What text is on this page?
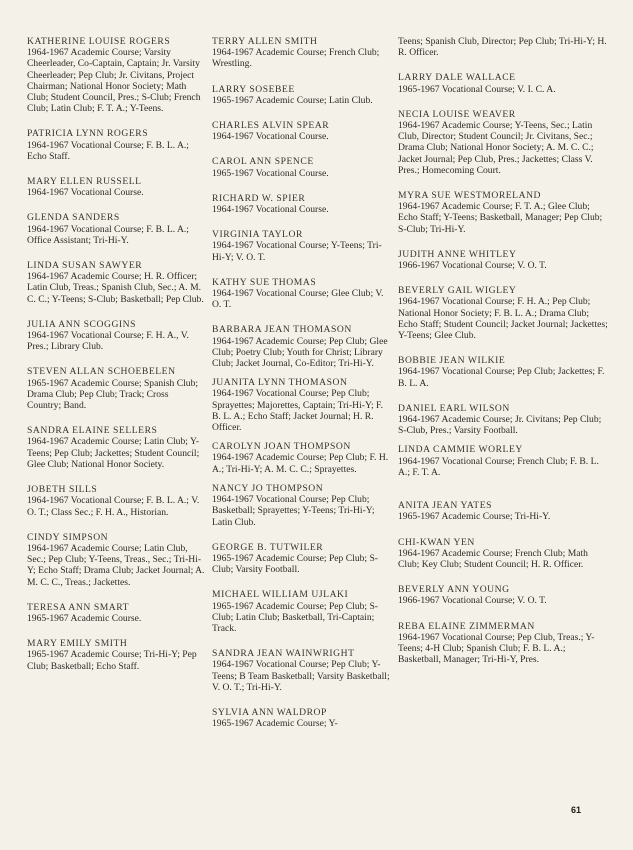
KATHERINE LOUISE ROGERS
1964-1967 Academic Course; Varsity Cheerleader, Co-Captain, Captain; Jr. Varsity Cheerleader; Pep Club; Jr. Civitans, Project Chairman; National Honor Society; Math Club; Student Council, Pres.; S-Club; French Club; Latin Club; F. T. A.; Y-Teens.
PATRICIA LYNN ROGERS
1964-1967 Vocational Course; F. B. L. A.; Echo Staff.
MARY ELLEN RUSSELL
1964-1967 Vocational Course.
GLENDA SANDERS
1964-1967 Vocational Course; F. B. L. A.; Office Assistant; Tri-Hi-Y.
LINDA SUSAN SAWYER
1964-1967 Academic Course; H. R. Officer; Latin Club, Treas.; Spanish Club, Sec.; A. M. C. C.; Y-Teens; S-Club; Basketball; Pep Club.
JULIA ANN SCOGGINS
1964-1967 Vocational Course; F. H. A., V. Pres.; Library Club.
STEVEN ALLAN SCHOEBELEN
1965-1967 Academic Course; Spanish Club; Drama Club; Pep Club; Track; Cross Country; Band.
SANDRA ELAINE SELLERS
1964-1967 Academic Course; Latin Club; Y-Teens; Pep Club; Jackettes; Student Council; Glee Club; National Honor Society.
JOBETH SILLS
1964-1967 Vocational Course; F. B. L. A.; V. O. T.; Class Sec.; F. H. A., Historian.
CINDY SIMPSON
1964-1967 Academic Course; Latin Club, Sec.; Pep Club; Y-Teens, Treas., Sec.; Tri-Hi-Y; Echo Staff; Drama Club; Jacket Journal; A. M. C. C., Treas.; Jackettes.
TERESA ANN SMART
1965-1967 Academic Course.
MARY EMILY SMITH
1965-1967 Academic Course; Tri-Hi-Y; Pep Club; Basketball; Echo Staff.
TERRY ALLEN SMITH
1964-1967 Academic Course; French Club; Wrestling.
LARRY SOSEBEE
1965-1967 Academic Course; Latin Club.
CHARLES ALVIN SPEAR
1964-1967 Vocational Course.
CAROL ANN SPENCE
1965-1967 Vocational Course.
RICHARD W. SPIER
1964-1967 Vocational Course.
VIRGINIA TAYLOR
1964-1967 Vocational Course; Y-Teens; Tri-Hi-Y; V. O. T.
KATHY SUE THOMAS
1964-1967 Vocational Course; Glee Club; V. O. T.
BARBARA JEAN THOMASON
1964-1967 Academic Course; Pep Club; Glee Club; Poetry Club; Youth for Christ; Library Club; Jacket Journal, Co-Editor; Tri-Hi-Y.
JUANITA LYNN THOMASON
1964-1967 Vocational Course; Pep Club; Sprayettes; Majorettes, Captain; Tri-Hi-Y; F. B. L. A.; Echo Staff; Jacket Journal; H. R. Officer.
CAROLYN JOAN THOMPSON
1964-1967 Academic Course; Pep Club; F. H. A.; Tri-Hi-Y; A. M. C. C.; Sprayettes.
NANCY JO THOMPSON
1964-1967 Vocational Course; Pep Club; Basketball; Sprayettes; Y-Teens; Tri-Hi-Y; Latin Club.
GEORGE B. TUTWILER
1965-1967 Academic Course; Pep Club; S-Club; Varsity Football.
MICHAEL WILLIAM UJLAKI
1965-1967 Academic Course; Pep Club; S-Club; Latin Club; Basketball, Tri-Captain; Track.
SANDRA JEAN WAINWRIGHT
1964-1967 Vocational Course; Pep Club; Y-Teens; B Team Basketball; Varsity Basketball; V. O. T.; Tri-Hi-Y.
SYLVIA ANN WALDROP
1965-1967 Academic Course; Y-
Teens; Spanish Club, Director; Pep Club; Tri-Hi-Y; H. R. Officer.
LARRY DALE WALLACE
1965-1967 Vocational Course; V. I. C. A.
NECIA LOUISE WEAVER
1964-1967 Academic Course; Y-Teens, Sec.; Latin Club, Director; Student Council; Jr. Civitans, Sec.; Drama Club; National Honor Society; A. M. C. C.; Jacket Journal; Pep Club, Pres.; Jackettes; Class V. Pres.; Homecoming Court.
MYRA SUE WESTMORELAND
1964-1967 Academic Course; F. T. A.; Glee Club; Echo Staff; Y-Teens; Basketball, Manager; Pep Club; S-Club; Tri-Hi-Y.
JUDITH ANNE WHITLEY
1966-1967 Vocational Course; V. O. T.
BEVERLY GAIL WIGLEY
1964-1967 Vocational Course; F. H. A.; Pep Club; National Honor Society; F. B. L. A.; Drama Club; Echo Staff; Student Council; Jacket Journal; Jackettes; Y-Teens; Glee Club.
BOBBIE JEAN WILKIE
1964-1967 Vocational Course; Pep Club; Jackettes; F. B. L. A.
DANIEL EARL WILSON
1964-1967 Academic Course; Jr. Civitans; Pep Club; S-Club, Pres.; Varsity Football.
LINDA CAMMIE WORLEY
1964-1967 Vocational Course; French Club; F. B. L. A.; F. T. A.
ANITA JEAN YATES
1965-1967 Academic Course; Tri-Hi-Y.
CHI-KWAN YEN
1964-1967 Academic Course; French Club; Math Club; Key Club; Student Council; H. R. Officer.
BEVERLY ANN YOUNG
1966-1967 Vocational Course; V. O. T.
REBA ELAINE ZIMMERMAN
1964-1967 Vocational Course; Pep Club, Treas.; Y-Teens; 4-H Club; Spanish Club; F. B. L. A.; Basketball, Manager; Tri-Hi-Y, Pres.
61
